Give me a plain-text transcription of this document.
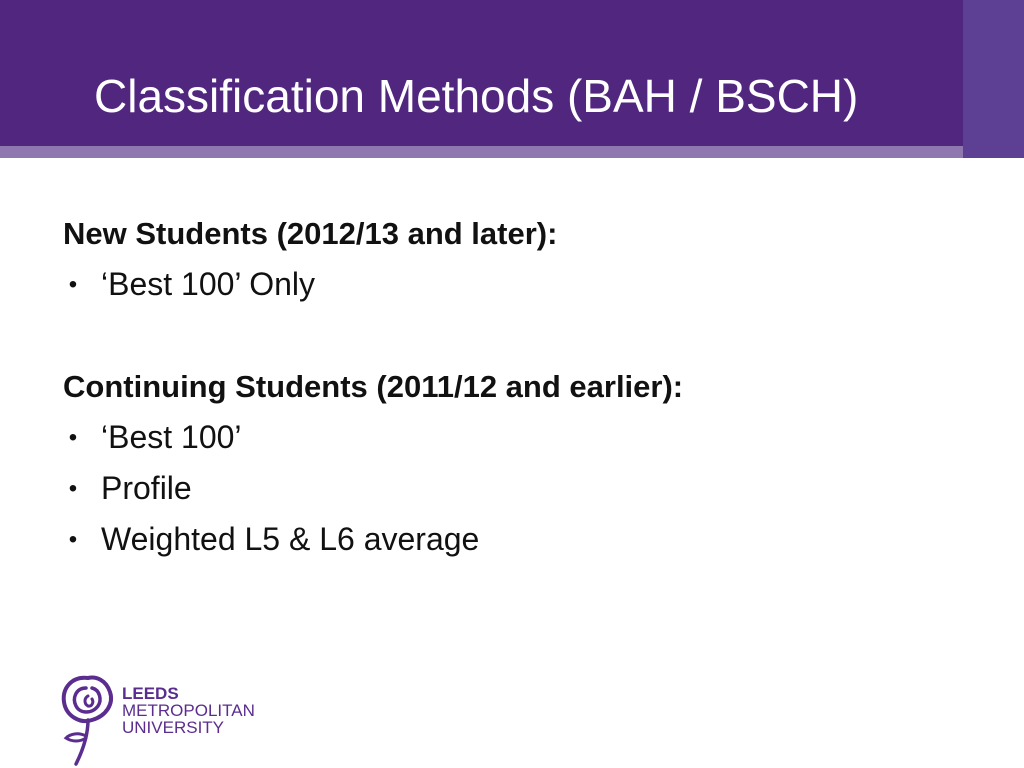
Classification Methods (BAH / BSCH)
New Students (2012/13 and later):
• ‘Best 100’ Only
Continuing Students (2011/12 and earlier):
• ‘Best 100’
• Profile
• Weighted L5 & L6 average
LEEDS
METROPOLITAN
UNIVERSITY
